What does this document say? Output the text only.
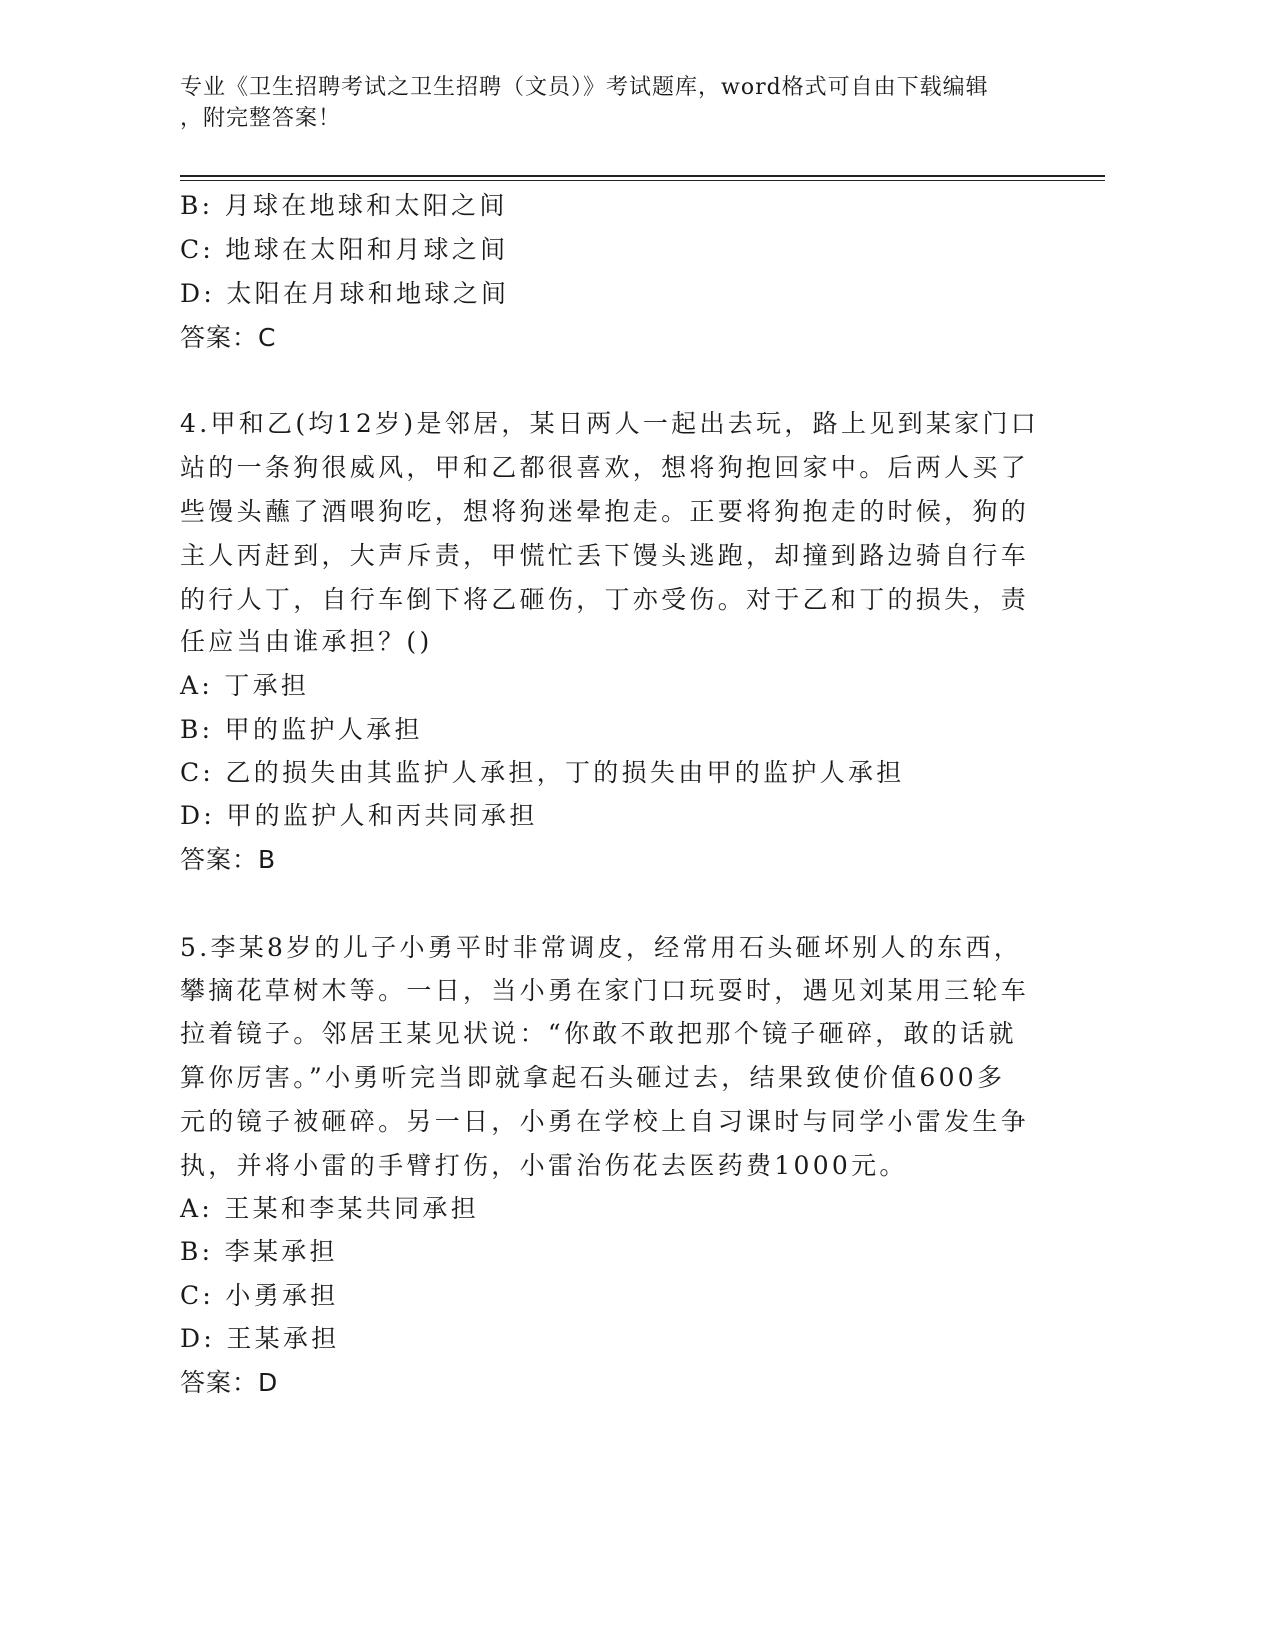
专业《卫生招聘考试之卫生招聘（文员）》考试题库，word格式可自由下载编辑
，附完整答案！
B: 月球在地球和太阳之间
C: 地球在太阳和月球之间
D: 太阳在月球和地球之间
答案：C
4.甲和乙(均12岁)是邻居，某日两人一起出去玩，路上见到某家门口
站的一条狗很威风，甲和乙都很喜欢，想将狗抱回家中。后两人买了
些馒头蘸了酒喂狗吃，想将狗迷晕抱走。正要将狗抱走的时候，狗的
主人丙赶到，大声斥责，甲慌忙丢下馒头逃跑，却撞到路边骑自行车
的行人丁，自行车倒下将乙砸伤，丁亦受伤。对于乙和丁的损失，责
任应当由谁承担？()
A: 丁承担
B: 甲的监护人承担
C: 乙的损失由其监护人承担，丁的损失由甲的监护人承担
D: 甲的监护人和丙共同承担
答案：B
5.李某8岁的儿子小勇平时非常调皮，经常用石头砸坏别人的东西，
攀摘花草树木等。一日，当小勇在家门口玩耍时，遇见刘某用三轮车
拉着镜子。邻居王某见状说：“你敢不敢把那个镜子砸碎，敢的话就
算你厉害。”小勇听完当即就拿起石头砸过去，结果致使价值600多
元的镜子被砸碎。另一日，小勇在学校上自习课时与同学小雷发生争
执，并将小雷的手臂打伤，小雷治伤花去医药费1000元。
A: 王某和李某共同承担
B: 李某承担
C: 小勇承担
D: 王某承担
答案：D
